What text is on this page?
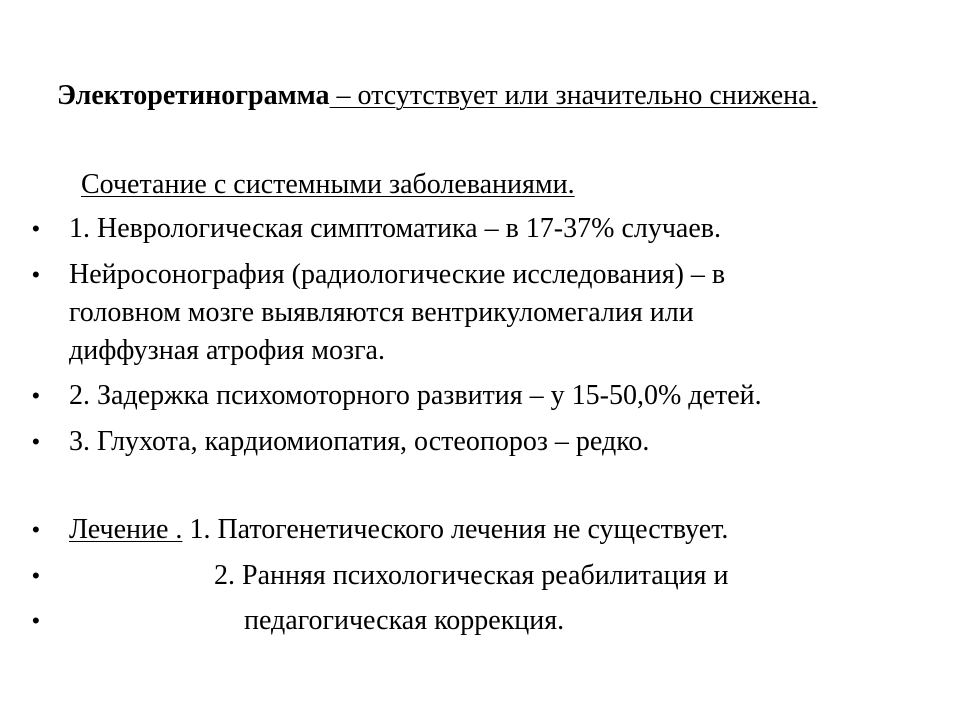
Электоретинограмма – отсутствует или значительно снижена.
Сочетание с системными заболеваниями.
• 1. Неврологическая симптоматика – в 17-37% случаев.
• Нейросонография (радиологические исследования) – в
головном мозге выявляются вентрикуломегалия или
диффузная атрофия мозга.
• 2. Задержка психомоторного развития – у 15-50,0% детей.
• 3. Глухота, кардиомиопатия, остеопороз – редко.
• Лечение . 1. Патогенетического лечения не существует.
•	2. Ранняя психологическая реабилитация и
•	педагогическая коррекция.
